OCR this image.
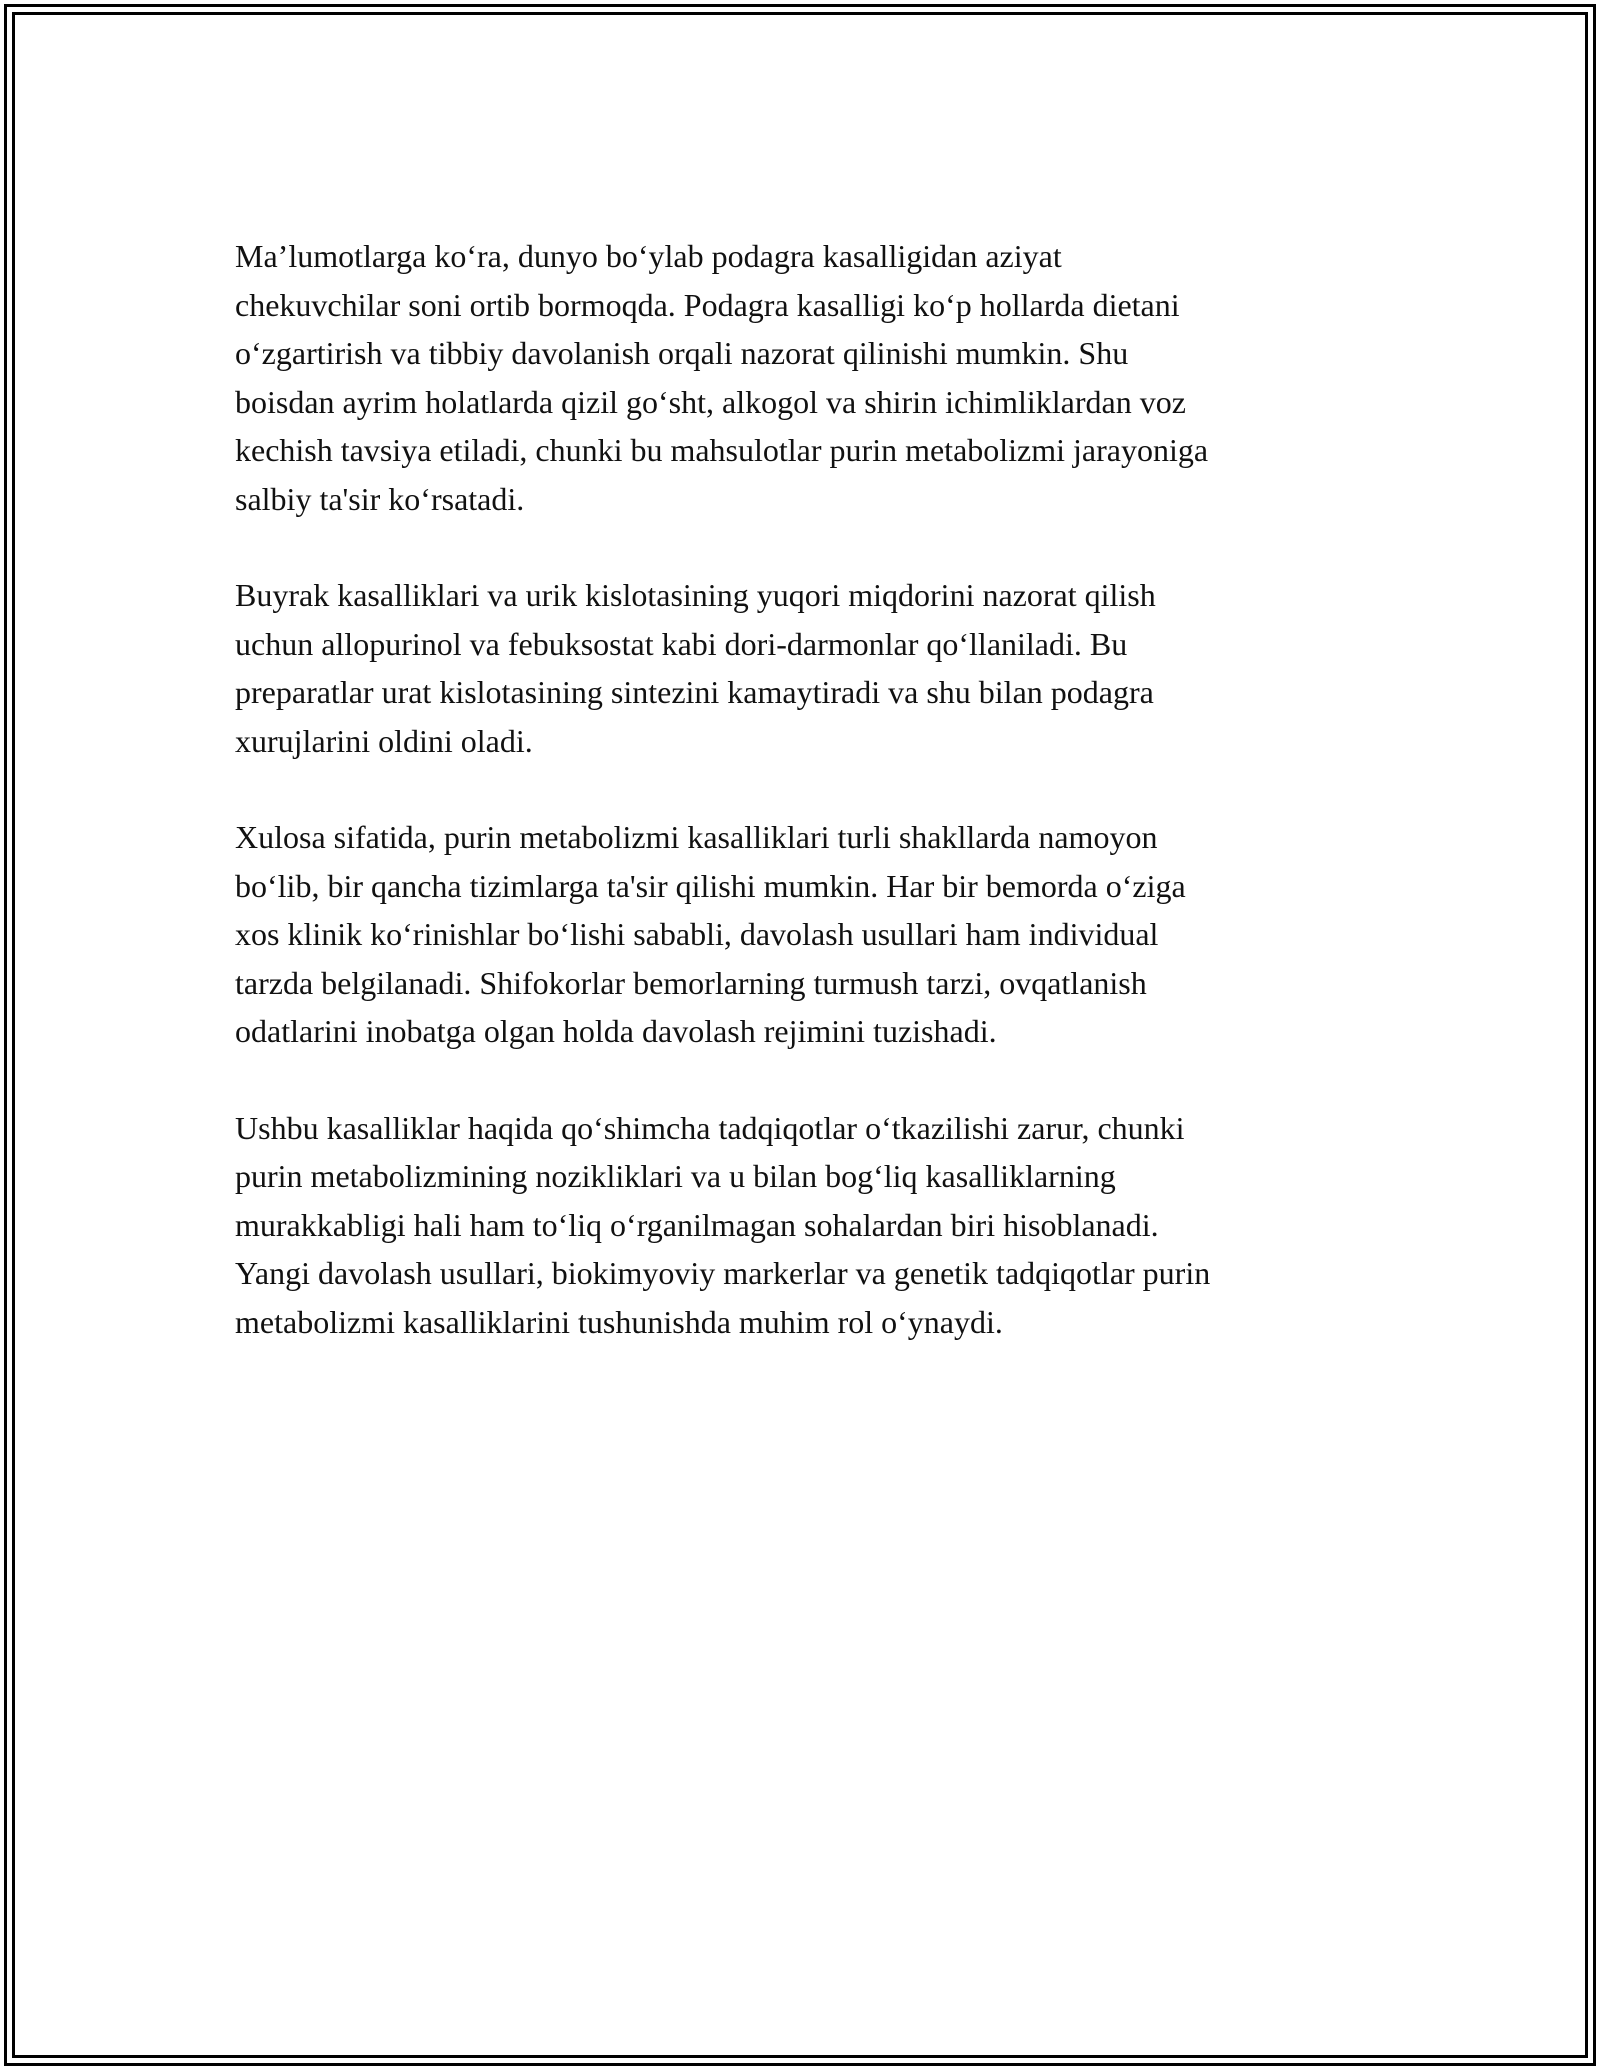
Ma’lumotlarga ko‘ra, dunyo bo‘ylab podagra kasalligidan aziyat
chekuvchilar soni ortib bormoqda. Podagra kasalligi ko‘p hollarda dietani
o‘zgartirish va tibbiy davolanish orqali nazorat qilinishi mumkin. Shu
boisdan ayrim holatlarda qizil go‘sht, alkogol va shirin ichimliklardan voz
kechish tavsiya etiladi, chunki bu mahsulotlar purin metabolizmi jarayoniga
salbiy ta'sir ko‘rsatadi.

Buyrak kasalliklari va urik kislotasining yuqori miqdorini nazorat qilish
uchun allopurinol va febuksostat kabi dori-darmonlar qo‘llaniladi. Bu
preparatlar urat kislotasining sintezini kamaytiradi va shu bilan podagra
xurujlarini oldini oladi.

Xulosa sifatida, purin metabolizmi kasalliklari turli shakllarda namoyon
bo‘lib, bir qancha tizimlarga ta'sir qilishi mumkin. Har bir bemorda o‘ziga
xos klinik ko‘rinishlar bo‘lishi sababli, davolash usullari ham individual
tarzda belgilanadi. Shifokorlar bemorlarning turmush tarzi, ovqatlanish
odatlarini inobatga olgan holda davolash rejimini tuzishadi.

Ushbu kasalliklar haqida qo‘shimcha tadqiqotlar o‘tkazilishi zarur, chunki
purin metabolizmining nozikliklari va u bilan bog‘liq kasalliklarning
murakkabligi hali ham to‘liq o‘rganilmagan sohalardan biri hisoblanadi.
Yangi davolash usullari, biokimyoviy markerlar va genetik tadqiqotlar purin
metabolizmi kasalliklarini tushunishda muhim rol o‘ynaydi.
